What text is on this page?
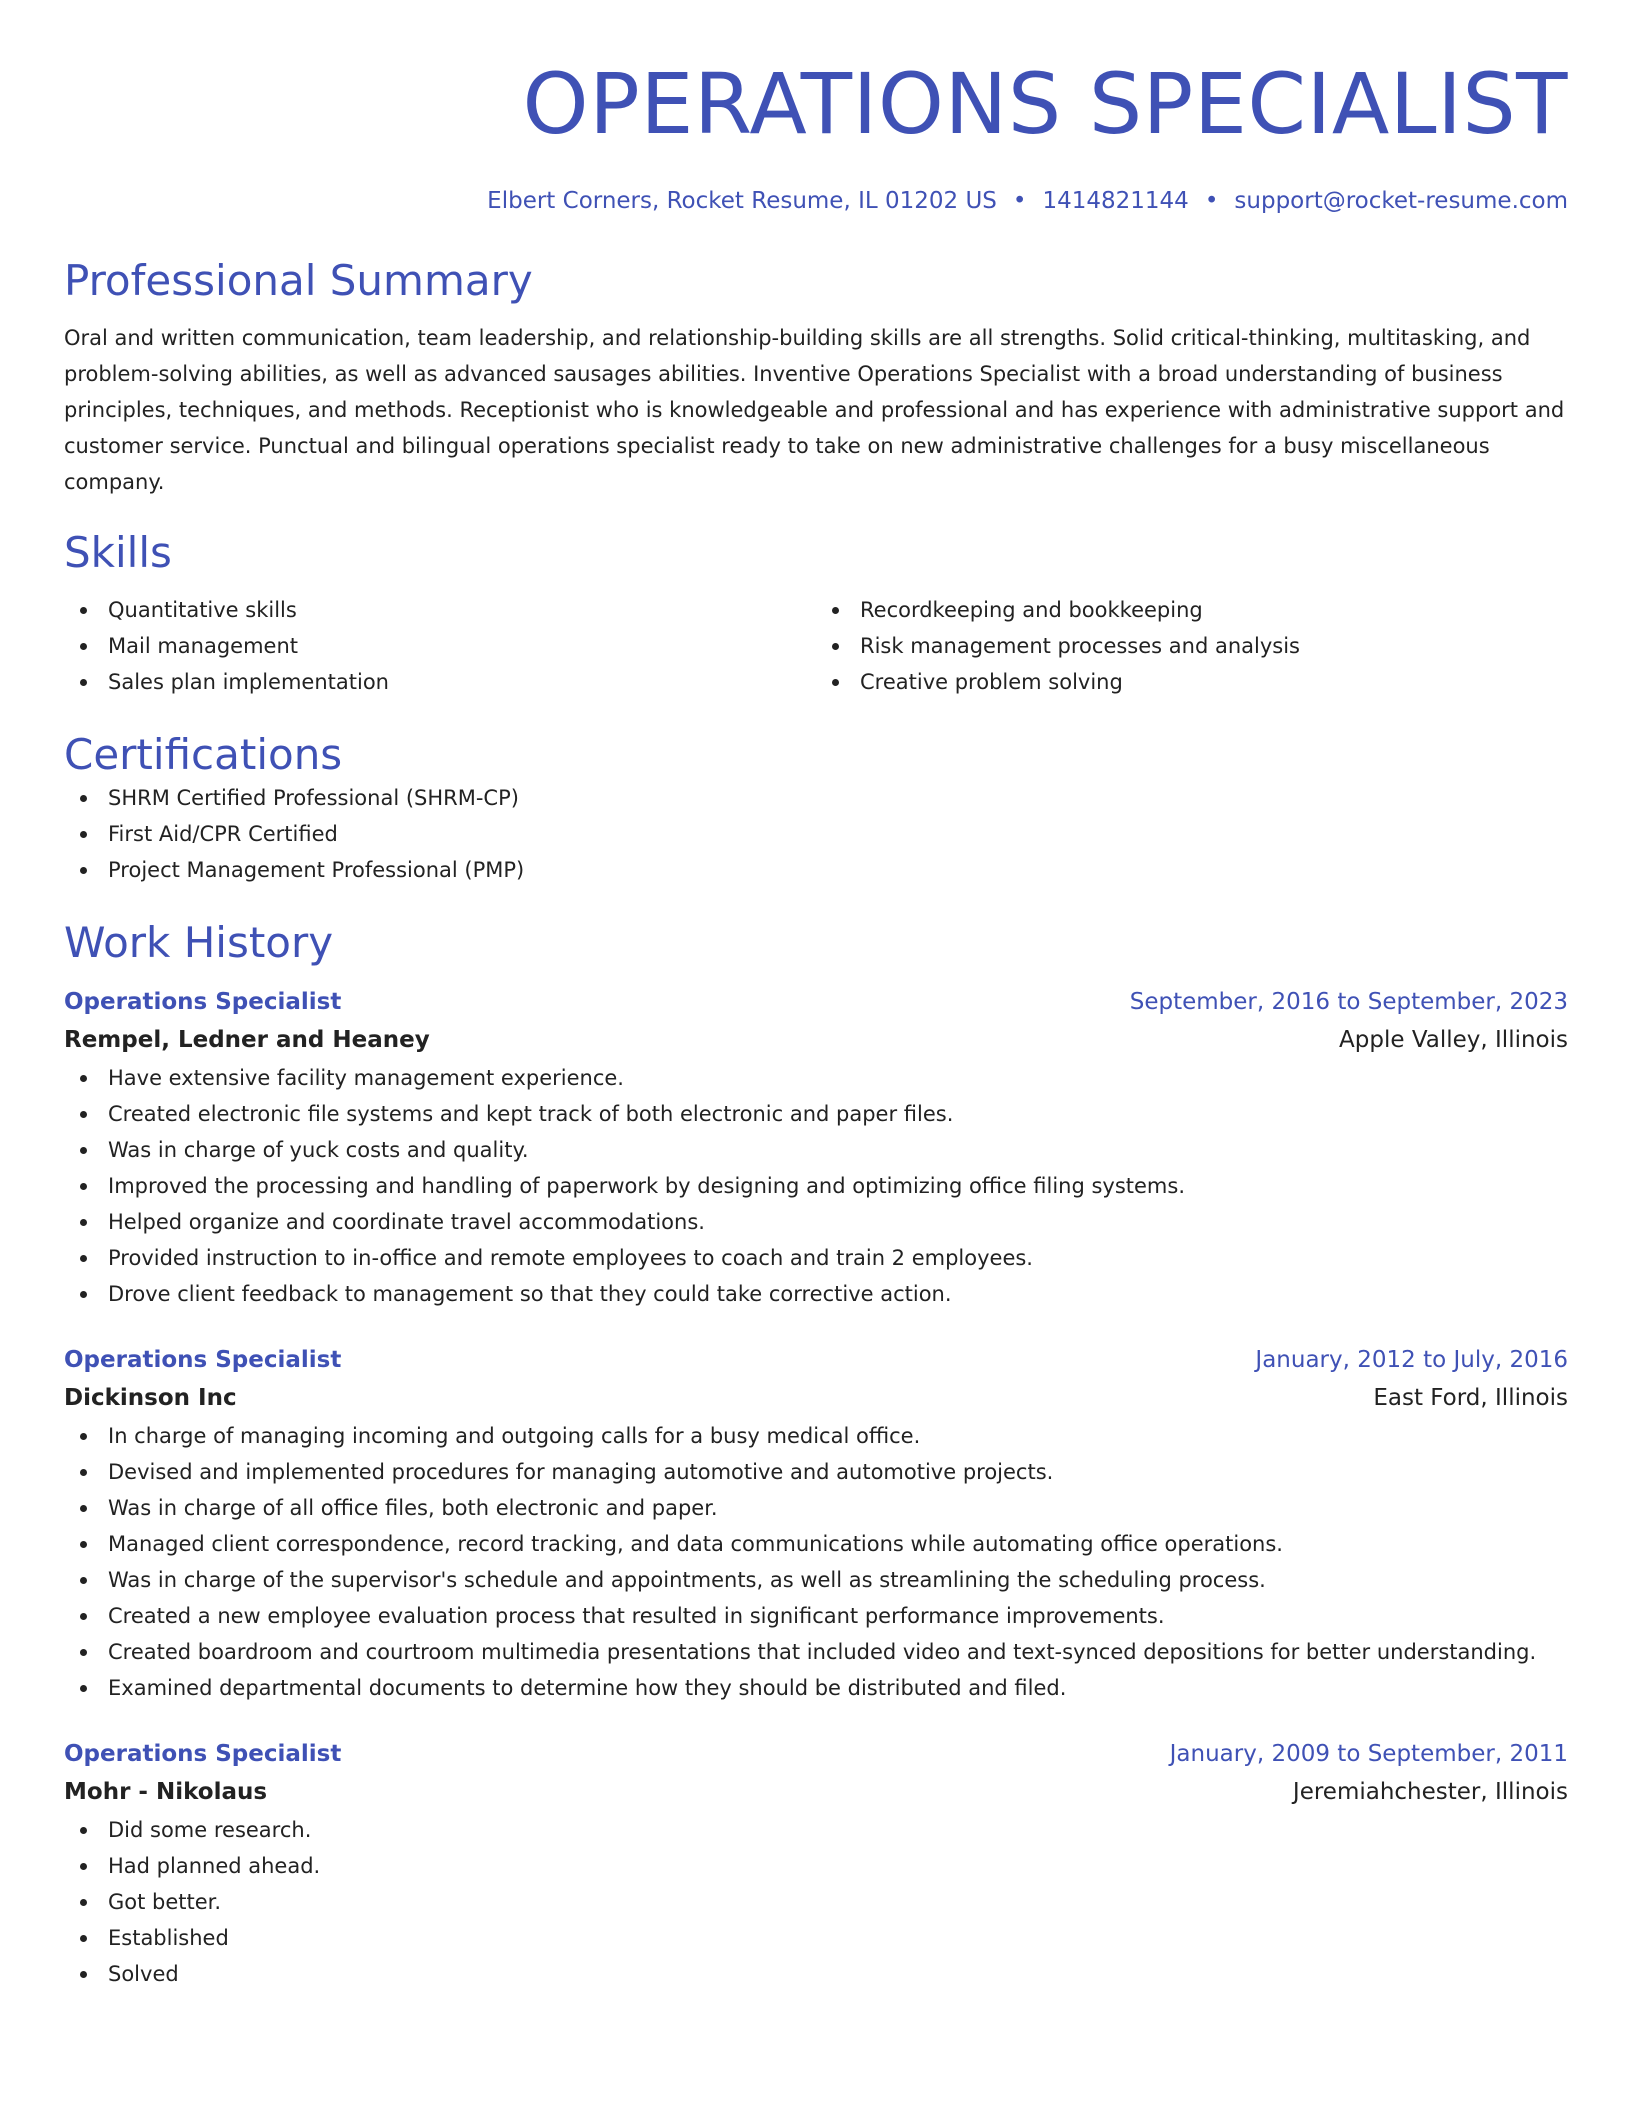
OPERATIONS SPECIALIST
Elbert Corners, Rocket Resume, IL 01202 US • 1414821144 • support@rocket-resume.com
Professional Summary

Oral and written communication, team leadership, and relationship-building skills are all strengths. Solid critical-thinking, multitasking, and problem-solving abilities, as well as advanced sausages abilities. Inventive Operations Specialist with a broad understanding of business principles, techniques, and methods. Receptionist who is knowledgeable and professional and has experience with administrative support and customer service. Punctual and bilingual operations specialist ready to take on new administrative challenges for a busy miscellaneous company.

Skills
Quantitative skills
Mail management
Sales plan implementation
Recordkeeping and bookkeeping
Risk management processes and analysis
Creative problem solving
Certifications
SHRM Certified Professional (SHRM-CP)
First Aid/CPR Certified
Project Management Professional (PMP)
Work History
Operations Specialist	September, 2016 to September, 2023
Rempel, Ledner and Heaney	Apple Valley, Illinois
Have extensive facility management experience.
Created electronic file systems and kept track of both electronic and paper files.
Was in charge of yuck costs and quality.
Improved the processing and handling of paperwork by designing and optimizing office filing systems.
Helped organize and coordinate travel accommodations.
Provided instruction to in-office and remote employees to coach and train 2 employees.
Drove client feedback to management so that they could take corrective action.
Operations Specialist	January, 2012 to July, 2016
Dickinson Inc	East Ford, Illinois
In charge of managing incoming and outgoing calls for a busy medical office.
Devised and implemented procedures for managing automotive and automotive projects.
Was in charge of all office files, both electronic and paper.
Managed client correspondence, record tracking, and data communications while automating office operations.
Was in charge of the supervisor's schedule and appointments, as well as streamlining the scheduling process.
Created a new employee evaluation process that resulted in significant performance improvements.
Created boardroom and courtroom multimedia presentations that included video and text-synced depositions for better understanding.
Examined departmental documents to determine how they should be distributed and filed.
Operations Specialist	January, 2009 to September, 2011
Mohr - Nikolaus	Jeremiahchester, Illinois
Did some research.
Had planned ahead.
Got better.
Established
Solved
